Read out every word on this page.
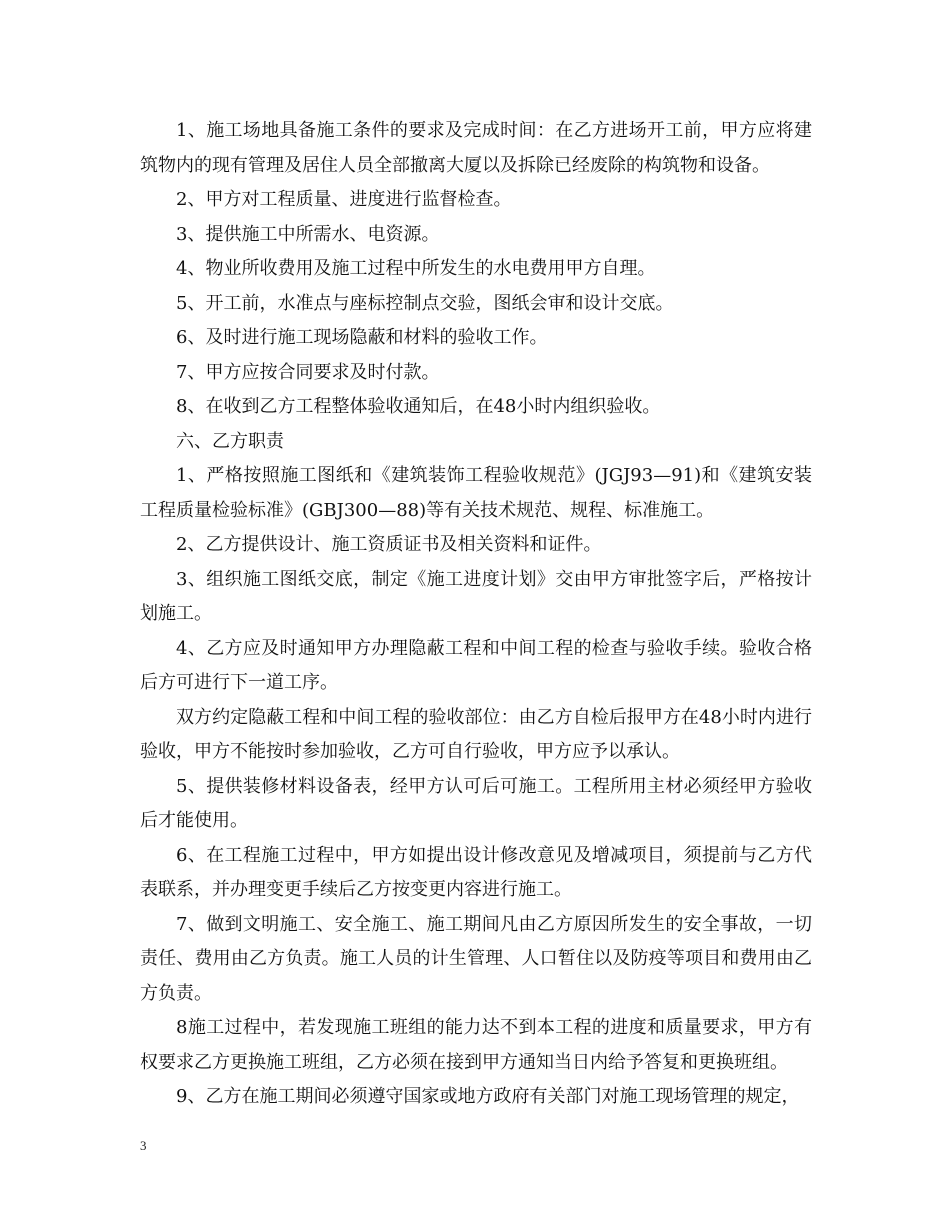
1、施工场地具备施工条件的要求及完成时间：在乙方进场开工前，甲方应将建筑物内的现有管理及居住人员全部撤离大厦以及拆除已经废除的构筑物和设备。

2、甲方对工程质量、进度进行监督检查。

3、提供施工中所需水、电资源。

4、物业所收费用及施工过程中所发生的水电费用甲方自理。

5、开工前，水准点与座标控制点交验，图纸会审和设计交底。

6、及时进行施工现场隐蔽和材料的验收工作。

7、甲方应按合同要求及时付款。

8、在收到乙方工程整体验收通知后，在48小时内组织验收。

六、乙方职责

1、严格按照施工图纸和《建筑装饰工程验收规范》(JGJ93—91)和《建筑安装工程质量检验标准》(GBJ300—88)等有关技术规范、规程、标准施工。

2、乙方提供设计、施工资质证书及相关资料和证件。

3、组织施工图纸交底，制定《施工进度计划》交由甲方审批签字后，严格按计划施工。

4、乙方应及时通知甲方办理隐蔽工程和中间工程的检查与验收手续。验收合格后方可进行下一道工序。

双方约定隐蔽工程和中间工程的验收部位：由乙方自检后报甲方在48小时内进行验收，甲方不能按时参加验收，乙方可自行验收，甲方应予以承认。

5、提供装修材料设备表，经甲方认可后可施工。工程所用主材必须经甲方验收后才能使用。

6、在工程施工过程中，甲方如提出设计修改意见及增减项目，须提前与乙方代表联系，并办理变更手续后乙方按变更内容进行施工。

7、做到文明施工、安全施工、施工期间凡由乙方原因所发生的安全事故，一切责任、费用由乙方负责。施工人员的计生管理、人口暂住以及防疫等项目和费用由乙方负责。

8施工过程中，若发现施工班组的能力达不到本工程的进度和质量要求，甲方有权要求乙方更换施工班组，乙方必须在接到甲方通知当日内给予答复和更换班组。

9、乙方在施工期间必须遵守国家或地方政府有关部门对施工现场管理的规定，

3
